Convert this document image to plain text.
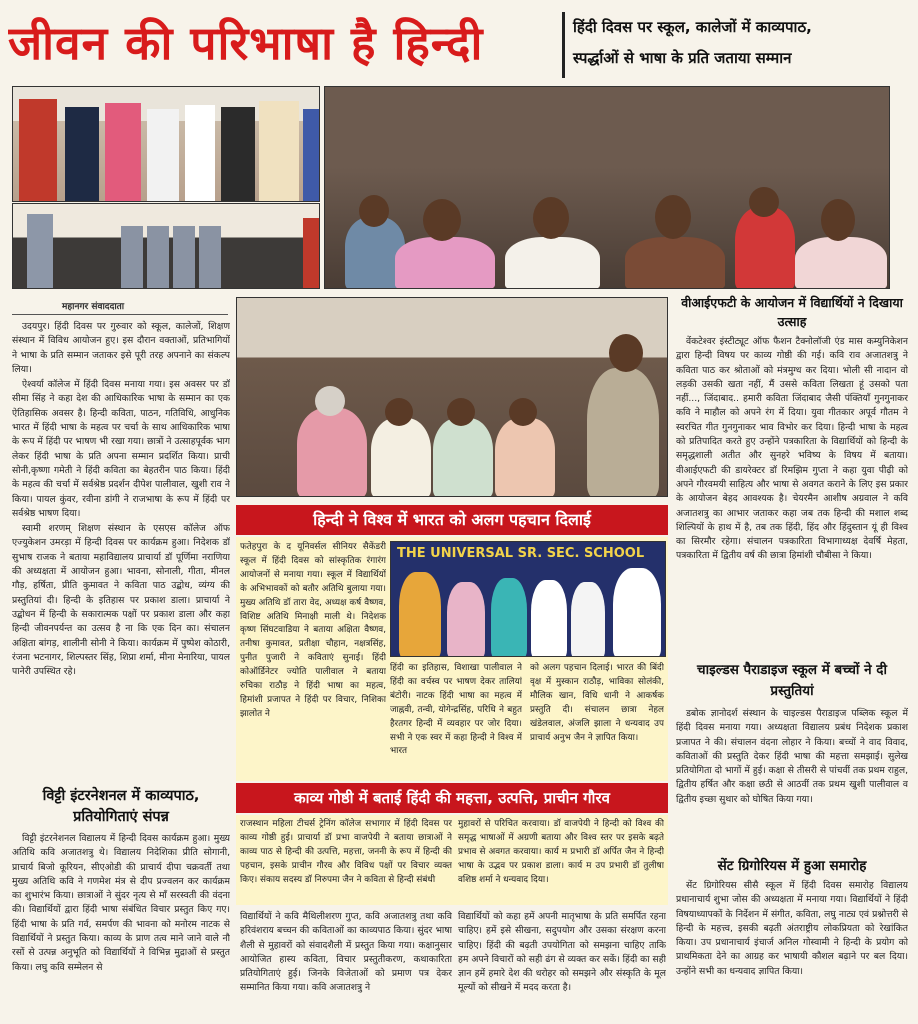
जीवन की परिभाषा है हिन्दी	हिंदी दिवस पर स्कूल, कालेजों में काव्यपाठ,
स्पर्द्धाओं से भाषा के प्रति जताया सम्मान
महानगर संवाददाता

उदयपुर। हिंदी दिवस पर गुरुवार को स्कूल, कालेजों, शिक्षण संस्थान में विविध आयोजन हुए। इस दौरान वक्ताओं, प्रतिभागियों ने भाषा के प्रति सम्मान जताकर इसे पूरी तरह अपनाने का संकल्प लिया।

ऐश्वर्या कॉलेज में हिंदी दिवस मनाया गया। इस अवसर पर डॉ सीमा सिंह ने कहा देश की आधिकारिक भाषा के सम्मान का एक ऐतिहासिक अवसर है। हिन्दी कविता, पाठन, गतिविधि, आधुनिक भारत में हिंदी भाषा के महत्व पर चर्चा के साथ आधिकारिक भाषा के रूप में हिंदी पर भाषण भी रखा गया। छात्रों ने उत्साहपूर्वक भाग लेकर हिंदी भाषा के प्रति अपना सम्मान प्रदर्शित किया। प्राची सोनी,कृष्णा गमेती ने हिंदी कविता का बेहतरीन पाठ किया। हिंदी के महत्व की चर्चा में सर्वश्रेष्ठ प्रदर्शन दीपेश पालीवाल, खुशी राव ने किया। पायल कुंवर, रवीना डांगी ने राजभाषा के रूप में हिंदी पर सर्वश्रेष्ठ भाषण दिया।

स्वामी शरणम् शिक्षण संस्थान के एसएस कॉलेज ऑफ एज्युकेशन उमरड़ा में हिन्दी दिवस पर कार्यक्रम हुआ। निदेशक डॉ सुभाष राजक ने बताया महाविद्यालय प्राचार्या डॉ पूर्णिमा नराणिया की अध्यक्षता में आयोजन हुआ। भावना, सोनाली, गीता, मीनल गौड़, हर्षिता, प्रीति कुमावत ने कविता पाठ उद्बोध, व्यंग्य की प्रस्तुतियां दी। हिन्दी के इतिहास पर प्रकाश डाला। प्राचार्या ने उद्बोधन में हिन्दी के सकारात्मक पक्षों पर प्रकाश डाला और कहा हिन्दी जीवनपर्यन्त का उत्सव है ना कि एक दिन का। संचालन अक्षिता बांगड़, शालीनी सोनी ने किया। कार्यक्रम में पुष्पेश कोठारी, रंजना भटनागर, शिल्पस्तर सिंह, शिप्रा शर्मा, मीना मेनारिया, पायल पानेरी उपस्थित रहे।

विट्टी इंटरनेशनल में काव्यपाठ, प्रतियोगिताएं संपन्न
विट्टी इंटरनेशनल विद्यालय में हिन्दी दिवस कार्यक्रम हुआ। मुख्य अतिथि कवि अजातशत्रु थे। विद्यालय निदेशिका प्रीति सोगानी, प्राचार्य बिजो कूरियन, सीएओडी की प्राचार्य दीपा चक्रवर्ती तथा मुख्य अतिथि कवि ने गणमेश मंत्र से दीप प्रज्वलन कर कार्यक्रम का शुभारंभ किया। छात्राओं ने सुंदर नृत्य से माँ सरस्वती की वंदना की। विद्यार्थियों द्वारा हिंदी भाषा संबंधित विचार प्रस्तुत किए गए। हिंदी भाषा के प्रति गर्व, समर्पण की भावना को मनोरम नाटक से विद्यार्थियों ने प्रस्तुत किया। काव्य के प्राण तत्व माने जाने वाले नौ रसों से उत्पन्न अनुभूति को विद्यार्थियों ने विभिन्न मुद्राओं से प्रस्तुत किया। लघु कवि सम्मेलन से
हिन्दी ने विश्व में भारत को अलग पहचान दिलाई
फतेहपुरा के द यूनिवर्सल सीनियर सैकेंडरी स्कूल में हिंदी दिवस को सांस्कृतिक रंगारंग आयोजनों से मनाया गया। स्कूल में विद्यार्थियों के अभिभावकों को बतौर अतिथि बुलाया गया। मुख्य अतिथि डॉ तारा वेद, अध्यक्ष कर्ष वैष्णव, विशिष्ट अतिथि मिनाक्षी माली थे। निदेशक कृष्ण सिंघटवाडिया ने बताया अक्षिता वैष्णव, तनीषा कुमावत, प्रतीक्षा चौहान, नक्षत्रसिंह, पुनीत पुजारी ने कविताएं सुनाई। हिंदी कोऑर्डिनेटर ज्योति पालीवाल ने बताया रुचिका राठौड़ ने हिंदी भाषा का महत्व, हिमांशी प्रजापत ने हिंदी पर विचार, निशिका झालोत ने
THE UNIVERSAL SR. SEC. SCHOOL
हिंदी का इतिहास, विशाखा पालीवाल ने हिंदी का वर्चस्व पर भाषण देकर तालियां बंटोरी। नाटक हिंदी भाषा का महत्व में जाह्नवी, तन्वी, योगेन्द्रसिंह, परिधि ने बहुत हैरतगर हिन्दी में व्यवहार पर जोर दिया। सभी ने एक स्वर में कहा हिन्दी ने विश्व में भारत
को अलग पहचान दिलाई। भारत की बिंदी वृक्ष में मुस्कान राठौड़, भाविका सोलंकी, मौलिक खान, विधि धानी ने आकर्षक प्रस्तुति दी। संचालन छात्रा नेहल खंडेलवाल, अंजलि झाला ने धन्यवाद उप प्राचार्य अनुभ जैन ने ज्ञापित किया।
काव्य गोष्ठी में बताई हिंदी की महत्ता, उत्पत्ति, प्राचीन गौरव
राजस्थान महिला टीचर्स ट्रेनिंग कॉलेज सभागार में हिंदी दिवस पर काव्य गोष्ठी हुई। प्राचार्या डॉ प्रभा वाजपेयी ने बताया छात्राओं ने काव्य पाठ से हिन्दी की उत्पत्ति, महत्ता, जननी के रूप में हिन्दी की पहचान, इसके प्राचीन गौरव और विविध पक्षों पर विचार व्यक्त किए। संकाय सदस्य डॉ निरुपमा जैन ने कविता से हिन्दी संबंधी
मुहावरों से परिचित करवाया। डॉ वाजपेयी ने हिन्दी को विश्व की समृद्ध भाषाओं में अग्रणी बताया और विश्व स्तर पर इसके बढ़ते प्रभाव से अवगत करवाया। कार्य म प्रभारी डॉ अर्पित जैन ने हिन्दी भाषा के उद्भव पर प्रकाश डाला। कार्य म उप प्रभारी डॉ तुलीषा वशिष्ठ शर्मा ने धन्यवाद दिया।
विद्यार्थियों ने कवि मैथिलीशरण गुप्त, कवि अजातशत्रु तथा कवि हरिवंशराय बच्चन की कविताओं का काव्यपाठ किया। सुंदर भाषा शैली से मुहावरों को संवादशैली में प्रस्तुत किया गया। कक्षानुसार आयोजित हास्य कविता, विचार प्रस्तुतीकरण, कथाकारिता प्रतियोगिताएं हुई। जिनके विजेताओं को प्रमाण पत्र देकर सम्मानित किया गया। कवि अजातशत्रु ने
विद्यार्थियों को कहा हमें अपनी मातृभाषा के प्रति समर्पित रहना चाहिए। हमें इसे सीखना, सदुपयोग और उसका संरक्षण करना चाहिए। हिंदी की बढ़ती उपयोगिता को समझना चाहिए ताकि हम अपने विचारों को सही ढंग से व्यक्त कर सकें। हिंदी का सही ज्ञान हमें हमारे देश की धरोहर को समझने और संस्कृति के मूल मूल्यों को सीखने में मदद करता है।
वीआईएफटी के आयोजन में विद्यार्थियों ने दिखाया उत्साह
वेंकटेश्वर इंस्टीट्यूट ऑफ फैशन टैक्नोलॉजी एंड मास कम्युनिकेशन द्वारा हिन्दी विषय पर काव्य गोष्ठी की गई। कवि राव अजातशत्रु ने कविता पाठ कर श्रोताओं को मंत्रमुग्ध कर दिया। भोली सी नादान वो लड़की उसकी खता नहीं, मैं उससे कविता लिखता हूं उसको पता नहीं..., जिंदाबाद.. हमारी कविता जिंदाबाद जैसी पंक्तियाँ गुनगुनाकर कवि ने माहौल को अपने रंग में दिया। युवा गीतकार अपूर्व गौतम ने स्वरचित गीत गुनगुनाकर भाव विभोर कर दिया। हिन्दी भाषा के महत्व को प्रतिपादित करते हुए उन्होंने पत्रकारिता के विद्यार्थियों को हिन्दी के समृद्धशाली अतीत और सुनहरे भविष्य के विषय में बताया। वीआईएफटी की डायरेक्टर डॉ रिमझिम गुप्ता ने कहा युवा पीढ़ी को अपने गौरवमयी साहित्य और भाषा से अवगत कराने के लिए इस प्रकार के आयोजन बेहद आवश्यक है। चेयरमैन आशीष अग्रवाल ने कवि अजातशत्रु का आभार जताकर कहा जब तक हिन्दी की मशाल शब्द शिल्पियों के हाथ में है, तब तक हिंदी, हिंद और हिंदुस्तान यूं ही विश्व का सिरमौर रहेगा। संचालन पत्रकारिता विभागाध्यक्ष देवर्षि मेहता, पत्रकारिता में द्वितीय वर्ष की छात्रा हिमांशी चौबीसा ने किया।
चाइल्डस पैराडाइज स्कूल में बच्चों ने दी प्रस्तुतियां
डबोक ज्ञानोदर्श संस्थान के चाइल्डस पैराडाइज पब्लिक स्कूल में हिंदी दिवस मनाया गया। अध्यक्षता विद्यालय प्रबंध निदेशक प्रकाश प्रजापत ने की। संचालन वंदना लोहार ने किया। बच्चों ने वाद विवाद, कविताओं की प्रस्तुति देकर हिंदी भाषा की महत्ता समझाई। सुलेख प्रतियोगिता दो भागों में हुई। कक्षा से तीसरी से पांचवीं तक प्रथम राहुल, द्वितीय हर्षित और कक्षा छठी से आठवीं तक प्रथम खुशी पालीवाल व द्वितीय इच्छा सुथार को घोषित किया गया।
सेंट ग्रिगोरियस में हुआ समारोह
सेंट ग्रिगोरियस सीसै स्कूल में हिंदी दिवस समारोह विद्यालय प्रधानाचार्य शुभा जोस की अध्यक्षता में मनाया गया। विद्यार्थियों ने हिंदी विषयाध्यापकों के निर्देशन में संगीत, कविता, लघु नाट्य एवं प्रश्नोत्तरी से हिन्दी के महत्त्व, इसकी बढ़ती अंतराष्ट्रीय लोकप्रियता को रेखांकित किया। उप प्रधानाचार्य इंचार्ज अनिल गोस्वामी ने हिन्दी के प्रयोग को प्राथमिकता देने का आग्रह कर भाषायी कौशल बढ़ाने पर बल दिया। उन्होंने सभी का धन्यवाद ज्ञापित किया।
